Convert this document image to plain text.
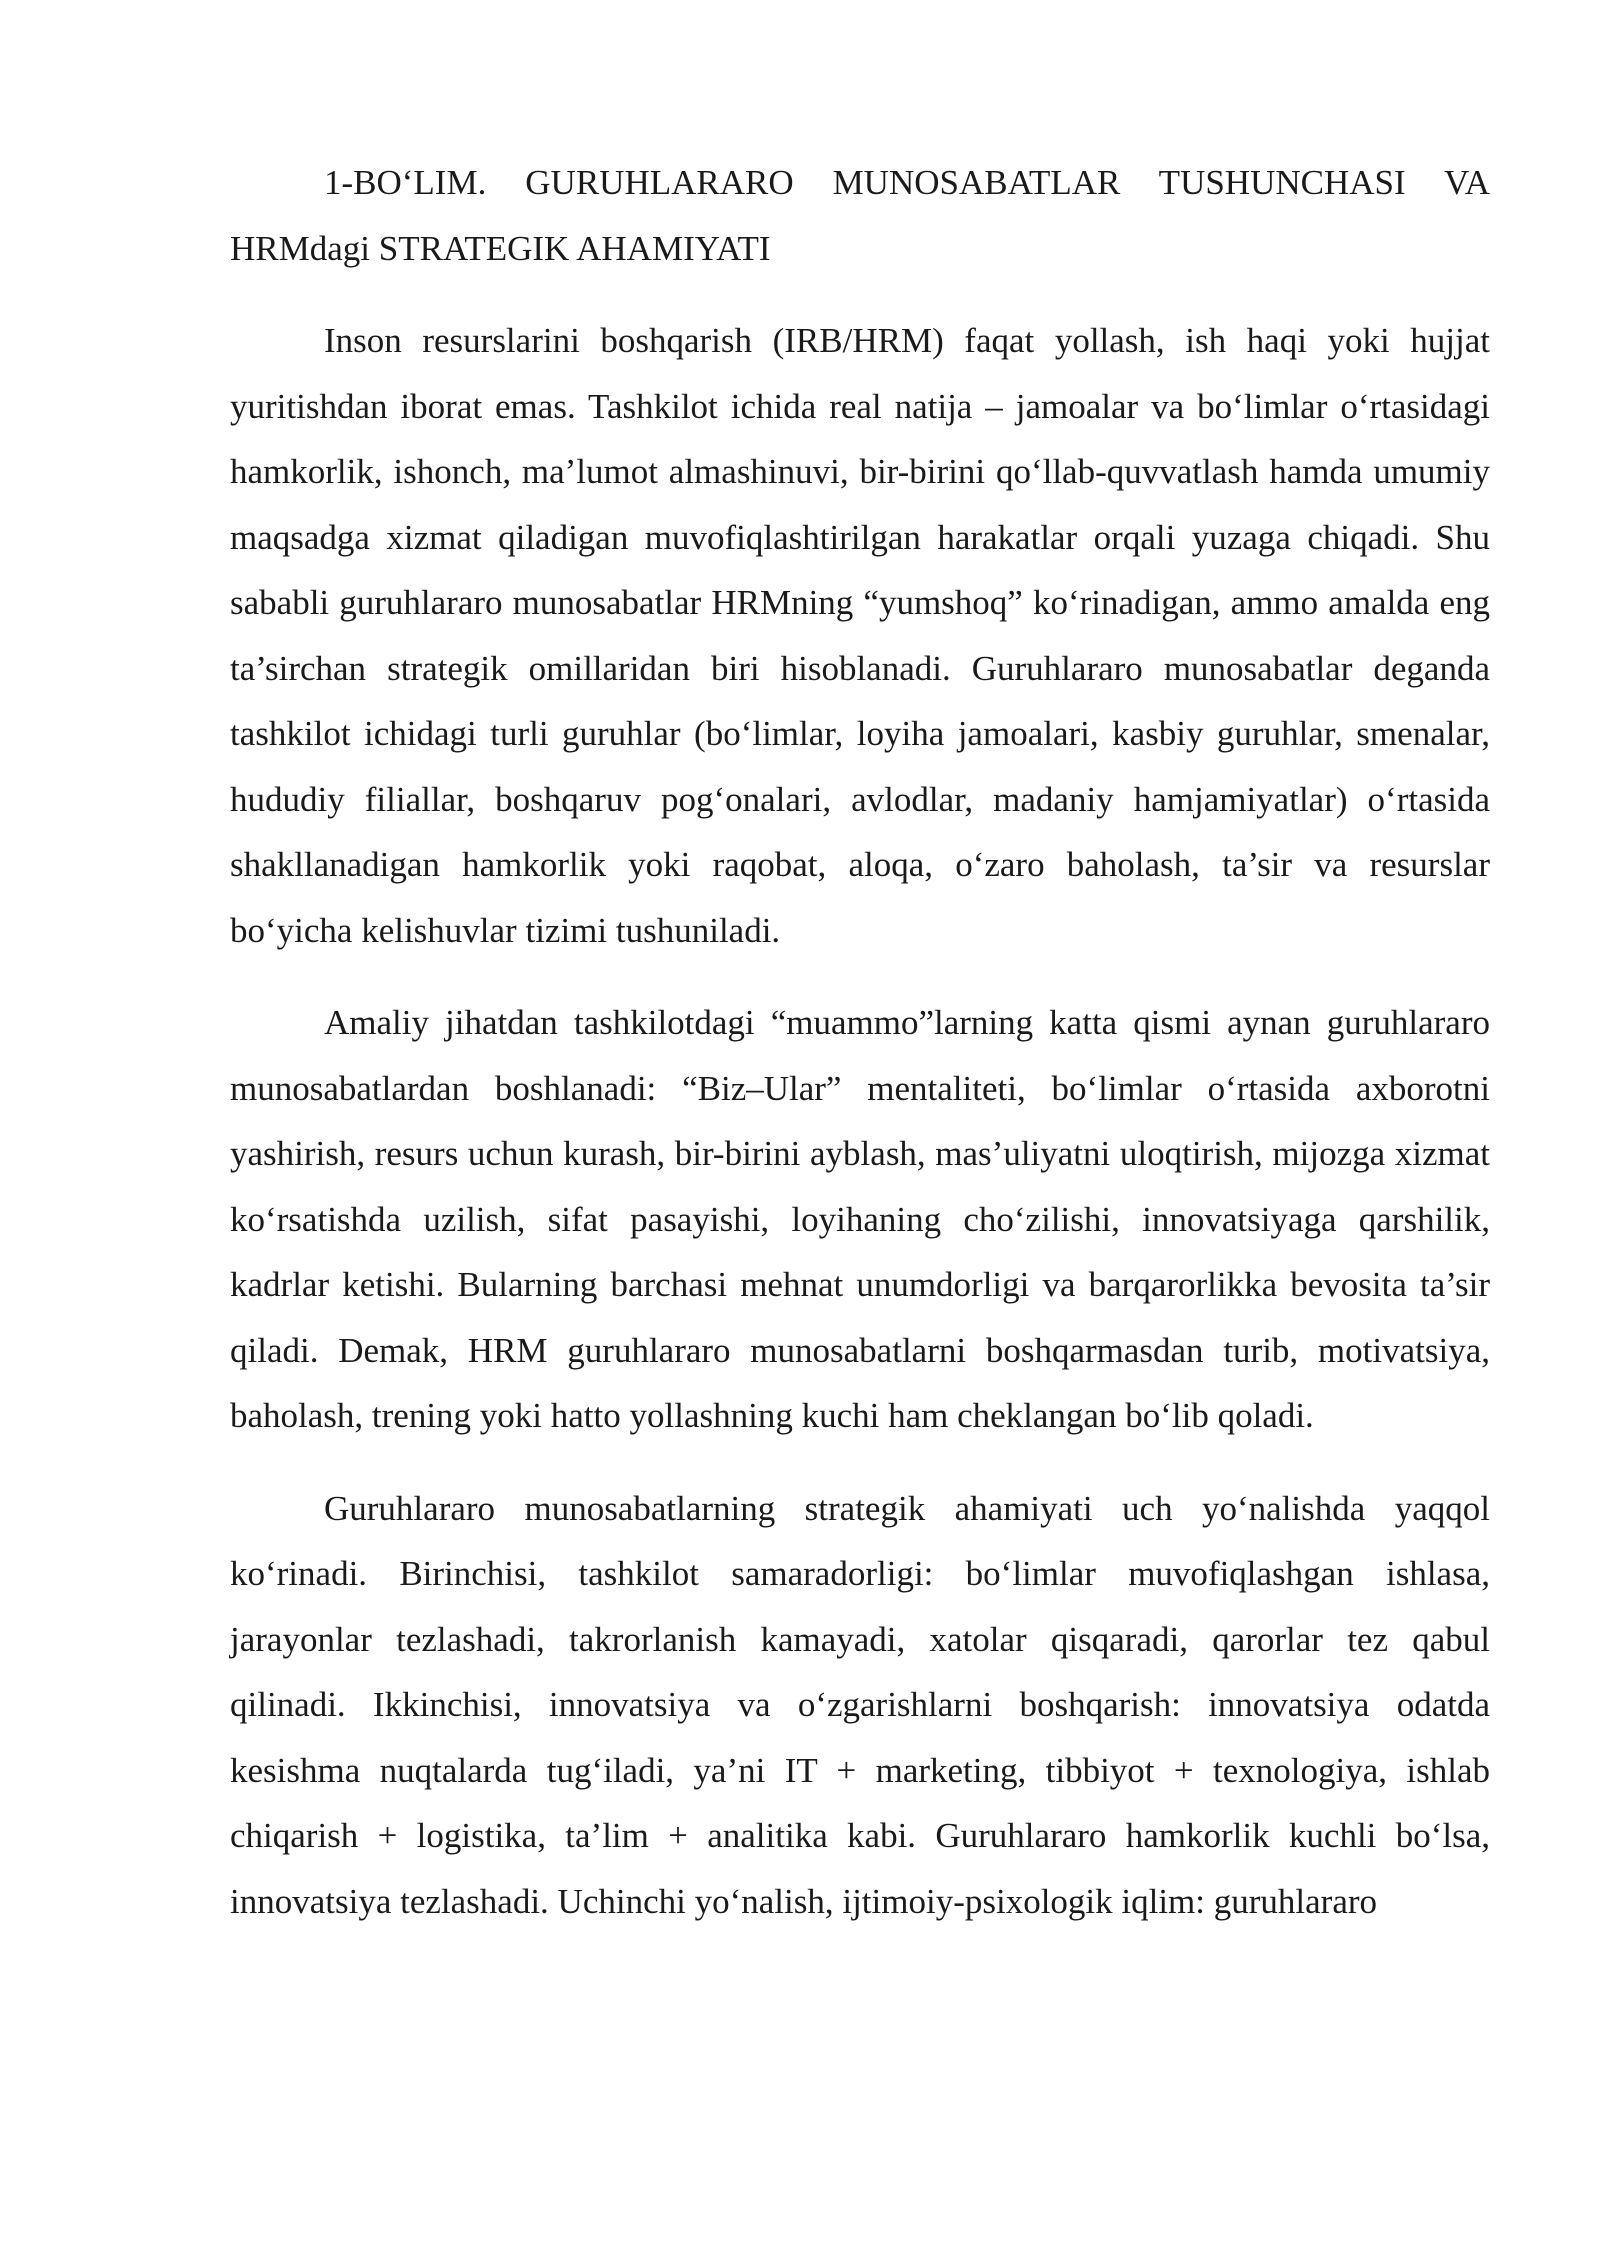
1-BO‘LIM. GURUHLARARO MUNOSABATLAR TUSHUNCHASI VA HRMdagi STRATEGIK AHAMIYATI

Inson resurslarini boshqarish (IRB/HRM) faqat yollash, ish haqi yoki hujjat yuritishdan iborat emas. Tashkilot ichida real natija – jamoalar va bo‘limlar o‘rtasidagi hamkorlik, ishonch, ma’lumot almashinuvi, bir-birini qo‘llab-quvvatlash hamda umumiy maqsadga xizmat qiladigan muvofiqlashtirilgan harakatlar orqali yuzaga chiqadi. Shu sababli guruhlararo munosabatlar HRMning “yumshoq” ko‘rinadigan, ammo amalda eng ta’sirchan strategik omillaridan biri hisoblanadi. Guruhlararo munosabatlar deganda tashkilot ichidagi turli guruhlar (bo‘limlar, loyiha jamoalari, kasbiy guruhlar, smenalar, hududiy filiallar, boshqaruv pog‘onalari, avlodlar, madaniy hamjamiyatlar) o‘rtasida shakllanadigan hamkorlik yoki raqobat, aloqa, o‘zaro baholash, ta’sir va resurslar bo‘yicha kelishuvlar tizimi tushuniladi.

Amaliy jihatdan tashkilotdagi “muammo”larning katta qismi aynan guruhlararo munosabatlardan boshlanadi: “Biz–Ular” mentaliteti, bo‘limlar o‘rtasida axborotni yashirish, resurs uchun kurash, bir-birini ayblash, mas’uliyatni uloqtirish, mijozga xizmat ko‘rsatishda uzilish, sifat pasayishi, loyihaning cho‘zilishi, innovatsiyaga qarshilik, kadrlar ketishi. Bularning barchasi mehnat unumdorligi va barqarorlikka bevosita ta’sir qiladi. Demak, HRM guruhlararo munosabatlarni boshqarmasdan turib, motivatsiya, baholash, trening yoki hatto yollashning kuchi ham cheklangan bo‘lib qoladi.

Guruhlararo munosabatlarning strategik ahamiyati uch yo‘nalishda yaqqol ko‘rinadi. Birinchisi, tashkilot samaradorligi: bo‘limlar muvofiqlashgan ishlasa, jarayonlar tezlashadi, takrorlanish kamayadi, xatolar qisqaradi, qarorlar tez qabul qilinadi. Ikkinchisi, innovatsiya va o‘zgarishlarni boshqarish: innovatsiya odatda kesishma nuqtalarda tug‘iladi, ya’ni IT + marketing, tibbiyot + texnologiya, ishlab chiqarish + logistika, ta’lim + analitika kabi. Guruhlararo hamkorlik kuchli bo‘lsa, innovatsiya tezlashadi. Uchinchi yo‘nalish, ijtimoiy-psixologik iqlim: guruhlararo
